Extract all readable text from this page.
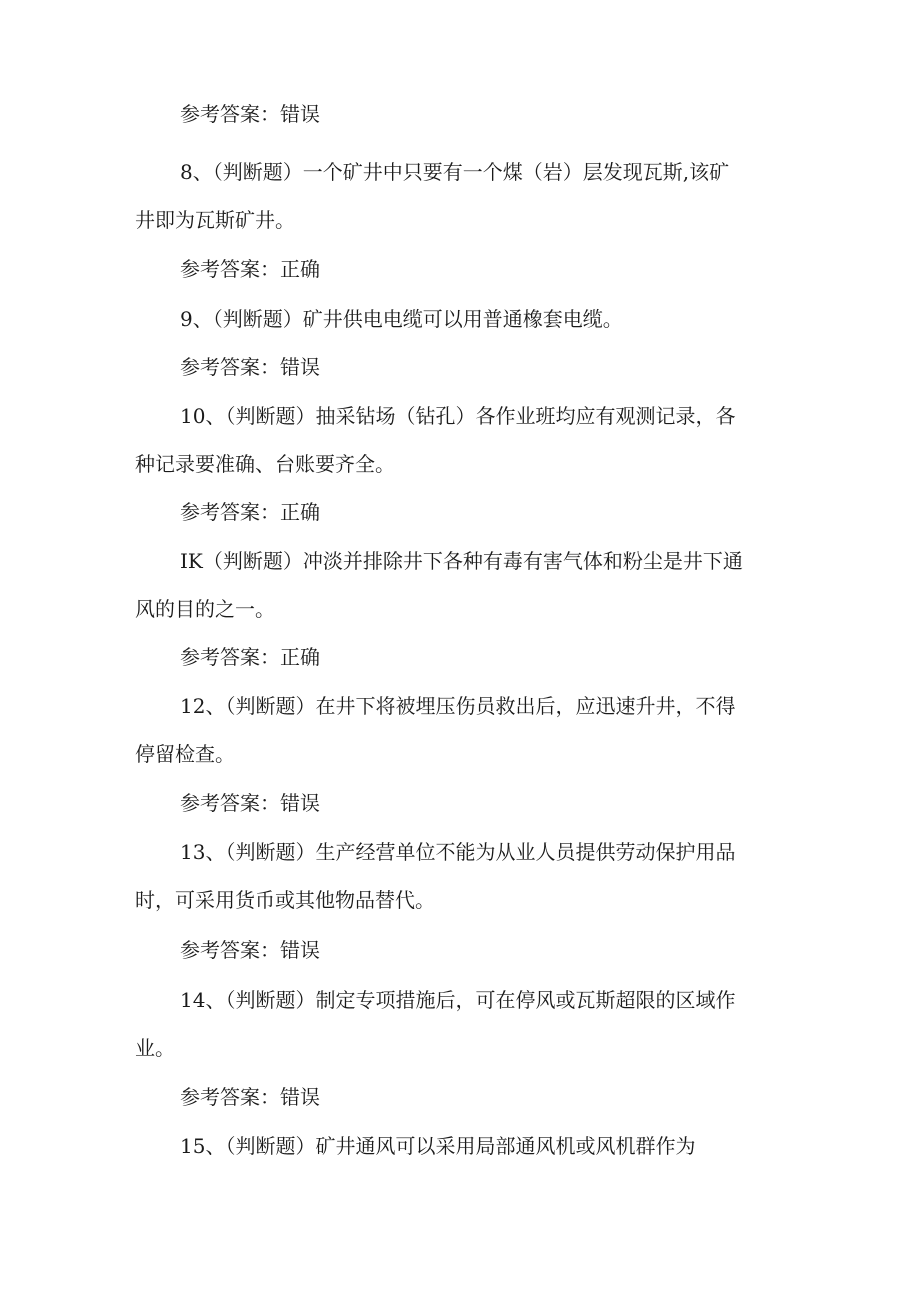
参考答案：错误

8、（判断题）一个矿井中只要有一个煤（岩）层发现瓦斯,该矿

井即为瓦斯矿井。

参考答案：正确

9、（判断题）矿井供电电缆可以用普通橡套电缆。

参考答案：错误

10、（判断题）抽采钻场（钻孔）各作业班均应有观测记录，各

种记录要准确、台账要齐全。

参考答案：正确

IK（判断题）冲淡并排除井下各种有毒有害气体和粉尘是井下通

风的目的之一。

参考答案：正确

12、（判断题）在井下将被埋压伤员救出后，应迅速升井，不得

停留检查。

参考答案：错误

13、（判断题）生产经营单位不能为从业人员提供劳动保护用品

时，可采用货币或其他物品替代。

参考答案：错误

14、（判断题）制定专项措施后，可在停风或瓦斯超限的区域作

业。

参考答案：错误

15、（判断题）矿井通风可以采用局部通风机或风机群作为
